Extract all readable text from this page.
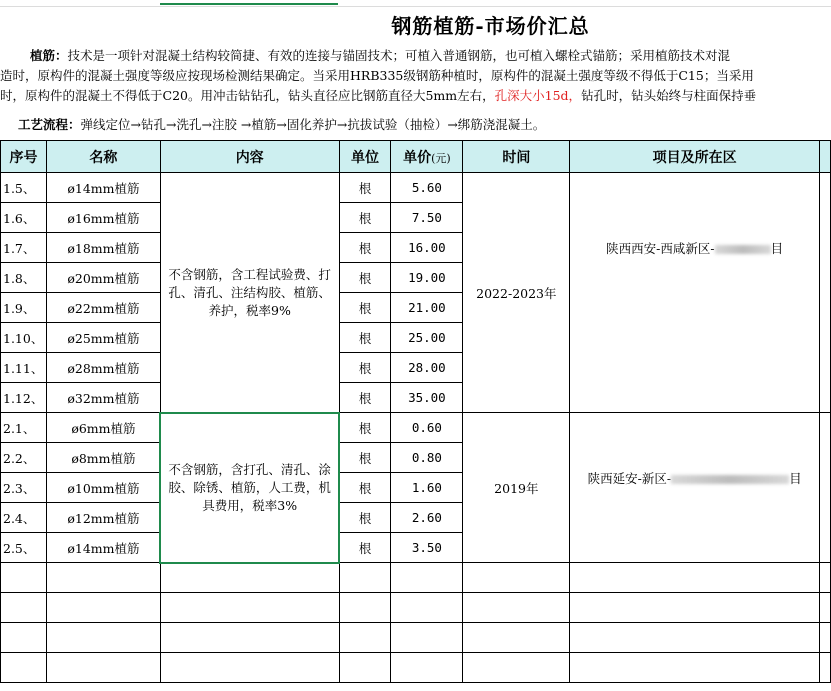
钢筋植筋-市场价汇总
植筋：技术是一项针对混凝土结构较简捷、有效的连接与锚固技术；可植入普通钢筋，也可植入螺栓式锚筋；采用植筋技术对混
造时，原构件的混凝土强度等级应按现场检测结果确定。当采用HRB335级钢筋种植时，原构件的混凝土强度等级不得低于C15；当采用
时，原构件的混凝土不得低于C20。用冲击钻钻孔，钻头直径应比钢筋直径大5mm左右，孔深大小15d，钻孔时，钻头始终与柱面保持垂
工艺流程：弹线定位→钻孔→洗孔→注胶 →植筋→固化养护→抗拔试验（抽检）→绑筋浇混凝土。
序号	名称	内容	单位	单价(元)	时间	项目及所在区	
1.5、	ø14mm植筋	不含钢筋，含工程试验费、打孔、清孔、注结构胶、植筋、养护，税率9%	根	5.60	2022-2023年	陕西西安-西咸新区- 目	
1.6、	ø16mm植筋		根	7.50			
1.7、	ø18mm植筋		根	16.00			
1.8、	ø20mm植筋		根	19.00			
1.9、	ø22mm植筋		根	21.00			
1.10、	ø25mm植筋		根	25.00			
1.11、	ø28mm植筋		根	28.00			
1.12、	ø32mm植筋		根	35.00			
2.1、	ø6mm植筋	不含钢筋，含打孔、清孔、涂胶、除锈、植筋，人工费，机具费用，税率3%	根	0.60	2019年	陕西延安-新区- 目	
2.2、	ø8mm植筋		根	0.80			
2.3、	ø10mm植筋		根	1.60			
2.4、	ø12mm植筋		根	2.60			
2.5、	ø14mm植筋		根	3.50			
